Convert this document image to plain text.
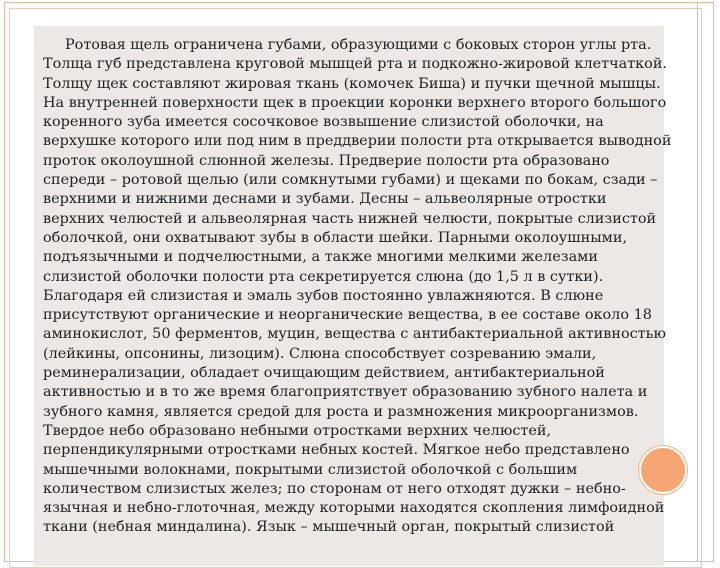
Ротовая щель ограничена губами, образующими с боковых сторон углы рта.
Толща губ представлена круговой мышцей рта и подкожно-жировой клетчаткой.
Толщу щек составляют жировая ткань (комочек Биша) и пучки щечной мышцы.
На внутренней поверхности щек в проекции коронки верхнего второго большого
коренного зуба имеется сосочковое возвышение слизистой оболочки, на
верхушке которого или под ним в преддверии полости рта открывается выводной
проток околоушной слюнной железы. Предверие полости рта образовано
спереди – ротовой щелью (или сомкнутыми губами) и щеками по бокам, сзади –
верхними и нижними деснами и зубами. Десны – альвеолярные отростки
верхних челюстей и альвеолярная часть нижней челюсти, покрытые слизистой
оболочкой, они охватывают зубы в области шейки. Парными околоушными,
подъязычными и подчелюстными, а также многими мелкими железами
слизистой оболочки полости рта секретируется слюна (до 1,5 л в сутки).
Благодаря ей слизистая и эмаль зубов постоянно увлажняются. В слюне
присутствуют органические и неорганические вещества, в ее составе около 18
аминокислот, 50 ферментов, муцин, вещества с антибактериальной активностью
(лейкины, опсонины, лизоцим). Слюна способствует созреванию эмали,
реминерализации, обладает очищающим действием, антибактериальной
активностью и в то же время благоприятствует образованию зубного налета и
зубного камня, является средой для роста и размножения микроорганизмов.
Твердое небо образовано небными отростками верхних челюстей,
перпендикулярными отростками небных костей. Мягкое небо представлено
мышечными волокнами, покрытыми слизистой оболочкой с большим
количеством слизистых желез; по сторонам от него отходят дужки – небно-
язычная и небно-глоточная, между которыми находятся скопления лимфоидной
ткани (небная миндалина). Язык – мышечный орган, покрытый слизистой
